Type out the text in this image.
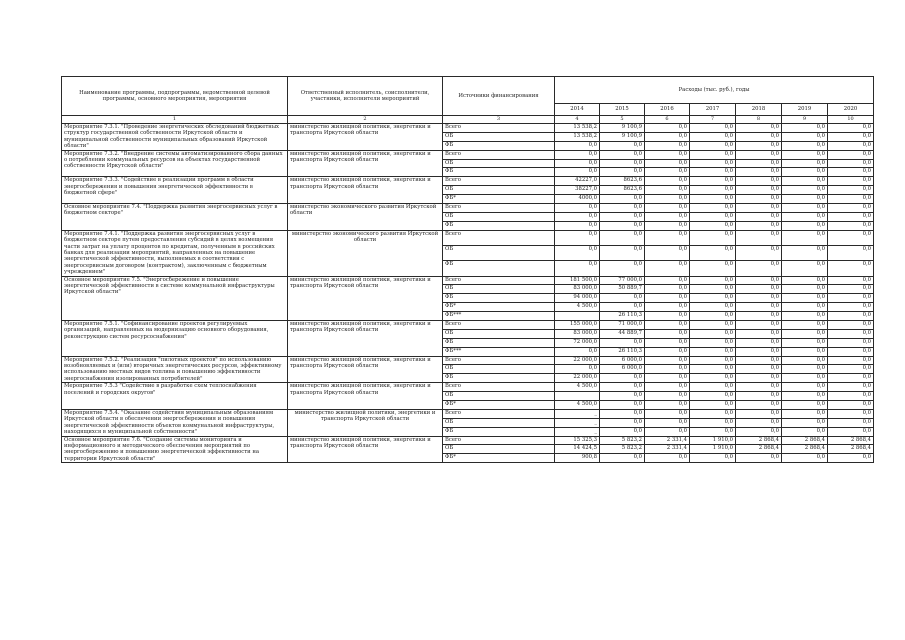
Наименование программы, подпрограммы, ведомственной целевой программы, основного мероприятия, мероприятия	Ответственный исполнитель, соисполнители, участники, исполнители мероприятий	Источники финансирования	Расходы (тыс. руб.), годы						
			2014	2015	2016	2017	2018	2019	2020
1	2	3	4	5	6	7	8	9	10
Мероприятие 7.3.1. "Проведение энергетических обследований бюджетных структур государственной собственности Иркутской области и муниципальной собственности муниципальных образований Иркутской области"	министерство жилищной политики, энергетики и транспорта Иркутской области	Всего	13 538,2	9 100,9	0,0	0,0	0,0	0,0	0,0
		ОБ	13 538,2	9 100,9	0,0	0,0	0,0	0,0	0,0
		ФБ	0,0	0,0	0,0	0,0	0,0	0,0	0,0
Мероприятие 7.3.2. "Внедрение системы автоматизированного сбора данных о потреблении коммунальных ресурсов на объектах государственной собственности Иркутской области"	министерство жилищной политики, энергетики и транспорта Иркутской области	Всего	0,0	0,0	0,0	0,0	0,0	0,0	0,0
		ОБ	0,0	0,0	0,0	0,0	0,0	0,0	0,0
		ФБ	0,0	0,0	0,0	0,0	0,0	0,0	0,0
Мероприятие 7.3.3. "Содействие в реализации программ в области энергосбережения и повышения энергетической эффективности в бюджетной сфере"	министерство жилищной политики, энергетики и транспорта Иркутской области	Всего	42227,0	8623,6	0,0	0,0	0,0	0,0	0,0
		ОБ	38227,0	8623,6	0,0	0,0	0,0	0,0	0,0
		ФБ*	4000,0	0,0	0,0	0,0	0,0	0,0	0,0
Основное мероприятие 7.4. "Поддержка развития энергосервисных услуг в бюджетном секторе"	министерство экономического развития Иркутской области	Всего	0,0	0,0	0,0	0,0	0,0	0,0	0,0
		ОБ	0,0	0,0	0,0	0,0	0,0	0,0	0,0
		ФБ	0,0	0,0	0,0	0,0	0,0	0,0	0,0
Мероприятие 7.4.1. "Поддержка развития энергосервисных услуг в бюджетном секторе путем предоставления субсидий в целях возмещения части затрат на уплату процентов по кредитам, полученным в российских банках для реализации мероприятий, направленных на повышение энергетической эффективности, выполняемых в соответствии с энергосервисным договором (контрактом), заключенным с бюджетным учреждением"	министерство экономического развития Иркутской области	Всего	0,0	0,0	0,0	0,0	0,0	0,0	0,0
		ОБ	0,0	0,0	0,0	0,0	0,0	0,0	0,0
		ФБ	0,0	0,0	0,0	0,0	0,0	0,0	0,0
Основное мероприятие 7.5. "Энергосбережение и повышение энергетической эффективности в системе коммунальной инфраструктуры Иркутской области"	министерство жилищной политики, энергетики и транспорта Иркутской области	Всего	181 500,0	77 000,0	0,0	0,0	0,0	0,0	0,0
		ОБ	83 000,0	50 889,7	0,0	0,0	0,0	0,0	0,0
		ФБ	94 000,0	0,0	0,0	0,0	0,0	0,0	0,0
		ФБ*	4 500,0	0,0	0,0	0,0	0,0	0,0	0,0
		ФБ***		26 110,3	0,0	0,0	0,0	0,0	0,0
Мероприятие 7.5.1. "Софинансирование проектов регулируемых организаций, направленных на модернизацию основного оборудования, реконструкцию систем ресурсоснабжения"	министерство жилищной политики, энергетики и транспорта Иркутской области	Всего	155 000,0	71 000,0	0,0	0,0	0,0	0,0	0,0
		ОБ	83 000,0	44 889,7	0,0	0,0	0,0	0,0	0,0
		ФБ	72 000,0	0,0	0,0	0,0	0,0	0,0	0,0
		ФБ***	0,0	26 110,3	0,0	0,0	0,0	0,0	0,0
Мероприятие 7.5.2. "Реализация "пилотных проектов" по использованию возобновляемых и (или) вторичных энергетических ресурсов, эффективному использованию местных видов топлива и повышению эффективности энергоснабжения изолированных потребителей"	министерство жилищной политики, энергетики и транспорта Иркутской области	Всего	22 000,0	6 000,0	0,0	0,0	0,0	0,0	0,0
		ОБ	0,0	6 000,0	0,0	0,0	0,0	0,0	0,0
		ФБ	22 000,0	0,0	0,0	0,0	0,0	0,0	0,0
Мероприятие 7.5.3 "Содействие в разработке схем теплоснабжения поселений и городских округов"	министерство жилищной политики, энергетики и транспорта Иркутской области	Всего	4 500,0	0,0	0,0	0,0	0,0	0,0	0,0
		ОБ		0,0	0,0	0,0	0,0	0,0	0,0
		ФБ*	4 500,0	0,0	0,0	0,0	0,0	0,0	0,0
Мероприятие 7.5.4. "Оказание содействия муниципальным образованиям Иркутской области в обеспечении энергосбережения и повышения энергетической эффективности объектов коммунальной инфраструктуры, находящихся в муниципальной собственности"	министерство жилищной политики, энергетики и транспорта Иркутской области	Всего	_	0,0	0,0	0,0	0,0	0,0	0,0
		ОБ	_	0,0	0,0	0,0	0,0	0,0	0,0
		ФБ	_	0,0	0,0	0,0	0,0	0,0	0,0
Основное мероприятие 7.6. "Создание системы мониторинга и информационного и методического обеспечения мероприятий по энергосбережению и повышению энергетической эффективности на территории Иркутской области"	министерство жилищной политики, энергетики и транспорта Иркутской области	Всего	15 325,3	5 823,2	2 331,4	1 910,0	2 868,4	2 868,4	2 868,4
		ОБ	14 424,5	5 823,2	2 331,4	1 910,0	2 868,4	2 868,4	2 868,4
		ФБ*	900,8	0,0	0,0	0,0	0,0	0,0	0,0
